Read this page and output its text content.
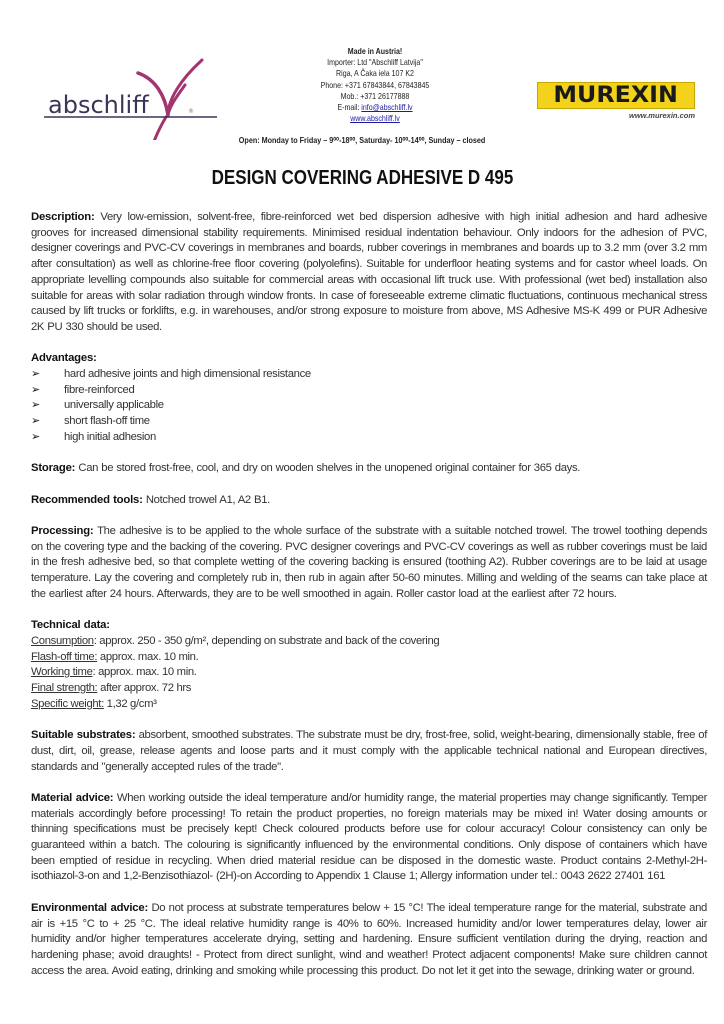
abschliff	®
Made in Austria!
Importer: Ltd "Abschliff Latvija"
Riga, A Čaka iela 107 K2
Phone: +371 67843844, 67843845
Mob.: +371 26177888
E-mail: info@abschliff.lv
www.abschliff.lv
MUREXIN
www.murexin.com
Open: Monday to Friday – 9⁰⁰-18⁰⁰, Saturday- 10⁰⁰-14⁰⁰, Sunday – closed
DESIGN COVERING ADHESIVE D 495

Description: Very low-emission, solvent-free, fibre-reinforced wet bed dispersion adhesive with high initial adhesion and hard adhesive grooves for increased dimensional stability requirements. Minimised residual indentation behaviour. Only indoors for the adhesion of PVC, designer coverings and PVC-CV coverings in membranes and boards, rubber coverings in membranes and boards up to 3.2 mm (over 3.2 mm after consultation) as well as chlorine-free floor covering (polyolefins). Suitable for underfloor heating systems and for castor wheel loads. On appropriate levelling compounds also suitable for commercial areas with occasional lift truck use. With professional (wet bed) installation also suitable for areas with solar radiation through window fronts. In case of foreseeable extreme climatic fluctuations, continuous mechanical stress caused by lift trucks or forklifts, e.g. in warehouses, and/or strong exposure to moisture from above, MS Adhesive MS-K 499 or PUR Adhesive 2K PU 330 should be used.

Advantages:
➢	hard adhesive joints and high dimensional resistance
➢	fibre-reinforced
➢	universally applicable
➢	short flash-off time
➢	high initial adhesion

Storage: Can be stored frost-free, cool, and dry on wooden shelves in the unopened original container for 365 days.

Recommended tools: Notched trowel A1, A2 B1.

Processing: The adhesive is to be applied to the whole surface of the substrate with a suitable notched trowel. The trowel toothing depends on the covering type and the backing of the covering. PVC designer coverings and PVC-CV coverings as well as rubber coverings must be laid in the fresh adhesive bed, so that complete wetting of the covering backing is ensured (toothing A2). Rubber coverings are to be laid at usage temperature. Lay the covering and completely rub in, then rub in again after 50-60 minutes. Milling and welding of the seams can take place at the earliest after 24 hours. Afterwards, they are to be well smoothed in again. Roller castor load at the earliest after 72 hours.

Technical data:
Consumption: approx. 250 - 350 g/m², depending on substrate and back of the covering
Flash-off time: approx. max. 10 min.
Working time: approx. max. 10 min.
Final strength: after approx. 72 hrs
Specific weight: 1,32 g/cm³

Suitable substrates: absorbent, smoothed substrates. The substrate must be dry, frost-free, solid, weight-bearing, dimensionally stable, free of dust, dirt, oil, grease, release agents and loose parts and it must comply with the applicable technical national and European directives, standards and "generally accepted rules of the trade".

Material advice: When working outside the ideal temperature and/or humidity range, the material properties may change significantly. Temper materials accordingly before processing! To retain the product properties, no foreign materials may be mixed in! Water dosing amounts or thinning specifications must be precisely kept! Check coloured products before use for colour accuracy! Colour consistency can only be guaranteed within a batch. The colouring is significantly influenced by the environmental conditions. Only dispose of containers which have been emptied of residue in recycling. When dried material residue can be disposed in the domestic waste. Product contains 2-Methyl-2H-isothiazol-3-on and 1,2-Benzisothiazol- (2H)-on According to Appendix 1 Clause 1; Allergy information under tel.: 0043 2622 27401 161

Environmental advice: Do not process at substrate temperatures below + 15 °C! The ideal temperature range for the material, substrate and air is +15 °C to + 25 °C. The ideal relative humidity range is 40% to 60%. Increased humidity and/or lower temperatures delay, lower air humidity and/or higher temperatures accelerate drying, setting and hardening. Ensure sufficient ventilation during the drying, reaction and hardening phase; avoid draughts! - Protect from direct sunlight, wind and weather! Protect adjacent components! Make sure children cannot access the area. Avoid eating, drinking and smoking while processing this product. Do not let it get into the sewage, drinking water or ground.
